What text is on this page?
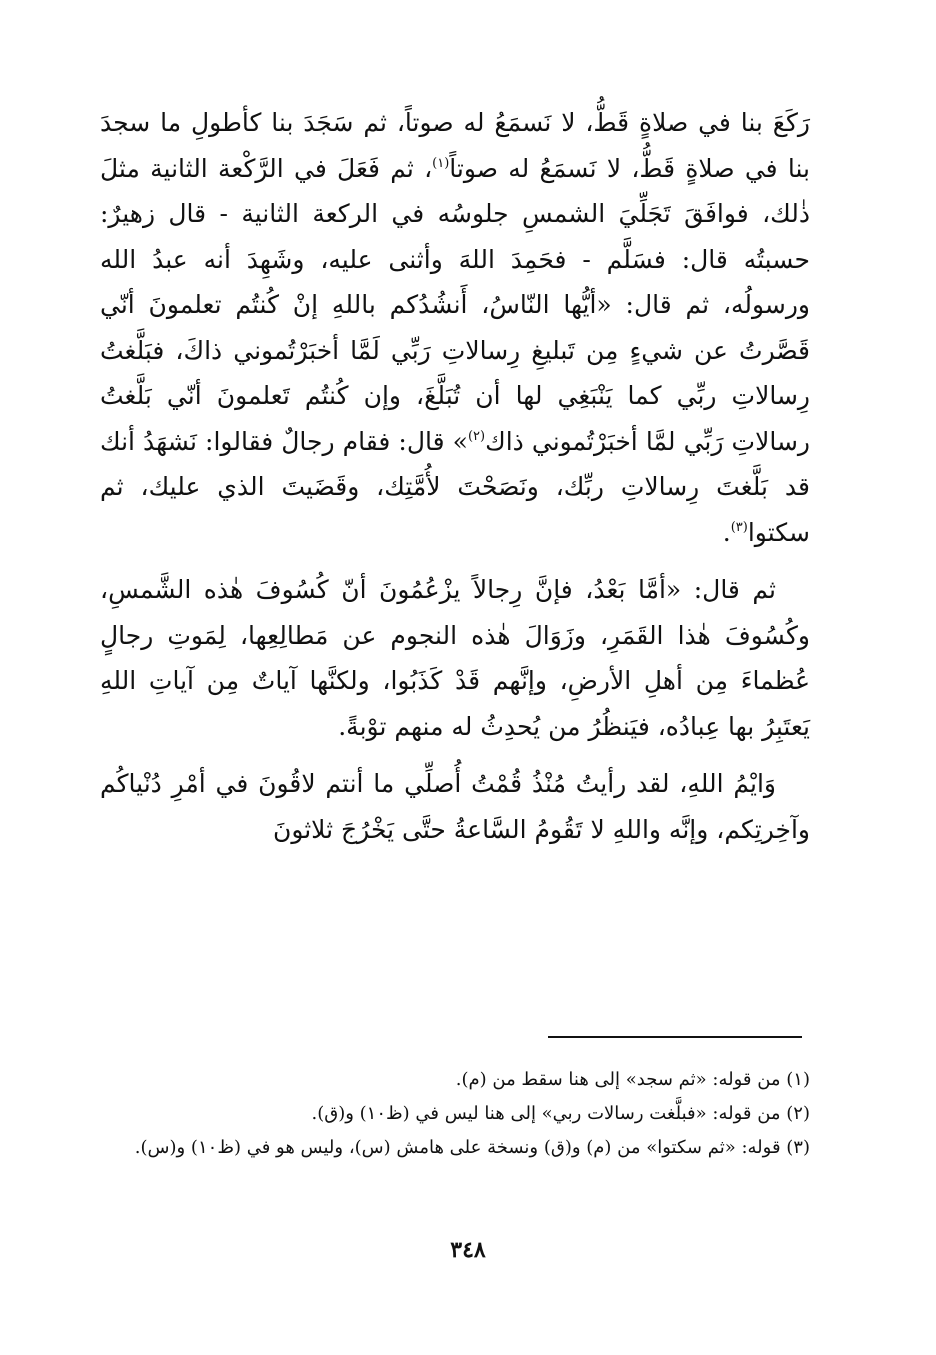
رَكَعَ بنا في صلاةٍ قَطُّ، لا نَسمَعُ له صوتاً، ثم سَجَدَ بنا كأطولِ ما سجدَ بنا في صلاةٍ قَطُّ، لا نَسمَعُ له صوتاً$^{(١)}$، ثم فَعَلَ في الرَّكْعة الثانية مثلَ ذٰلك، فوافَقَ تَجَلِّيَ الشمسِ جلوسُه في الركعة الثانية - قال زهيرٌ: حسبتُه قال: فسَلَّم - فحَمِدَ اللهَ وأثنى عليه، وشَهِدَ أنه عبدُ الله ورسولُه، ثم قال: «أيُّها النّاسُ، أَنشُدُكم باللهِ إنْ كُنتُم تعلمونَ أنّي قَصَّرتُ عن شيءٍ مِن تَبليغِ رِسالاتِ رَبِّي لَمَّا أخبَرْتُموني ذاكَ، فبَلَّغتُ رِسالاتِ ربِّي كما يَنْبَغِي لها أن تُبَلَّغَ، وإن كُنتُم تَعلمونَ أنّي بَلَّغتُ رسالاتِ رَبِّي لمَّا أخبَرْتُموني ذاك$^{(٢)}$» قال: فقام رجالٌ فقالوا: نَشهَدُ أنك قد بَلَّغتَ رِسالاتِ ربِّك، ونَصَحْتَ لأُمَّتِك، وقَضَيتَ الذي عليك، ثم سكتوا$^{(٣)}$.

ثم قال: «أمَّا بَعْدُ، فإنَّ رِجالاً يزْعُمُونَ أنّ كُسُوفَ هٰذه الشَّمسِ، وكُسُوفَ هٰذا القَمَرِ، وزَوَالَ هٰذه النجوم عن مَطالِعِها، لِمَوتِ رجالٍ عُظماءَ مِن أهلِ الأرضِ، وإنَّهم قَدْ كَذَبُوا، ولكنَّها آياتٌ مِن آياتِ اللهِ يَعتَبِرُ بها عِبادُه، فيَنظُرُ من يُحدِثُ له منهم توْبةً.

وَايْمُ اللهِ، لقد رأيتُ مُنْذُ قُمْتُ أُصلِّي ما أنتم لاقُونَ في أمْرِ دُنْياكُم وآخِرتِكم، وإنَّه واللهِ لا تَقُومُ السَّاعةُ حتَّى يَخْرُجَ ثلاثونَ

(١) من قوله: «ثم سجد» إلى هنا سقط من (م).

(٢) من قوله: «فبلَّغت رسالات ربي» إلى هنا ليس في (ظ١٠) و(ق).

(٣) قوله: «ثم سكتوا» من (م) و(ق) ونسخة على هامش (س)، وليس هو في (ظ١٠) و(س).

٣٤٨
